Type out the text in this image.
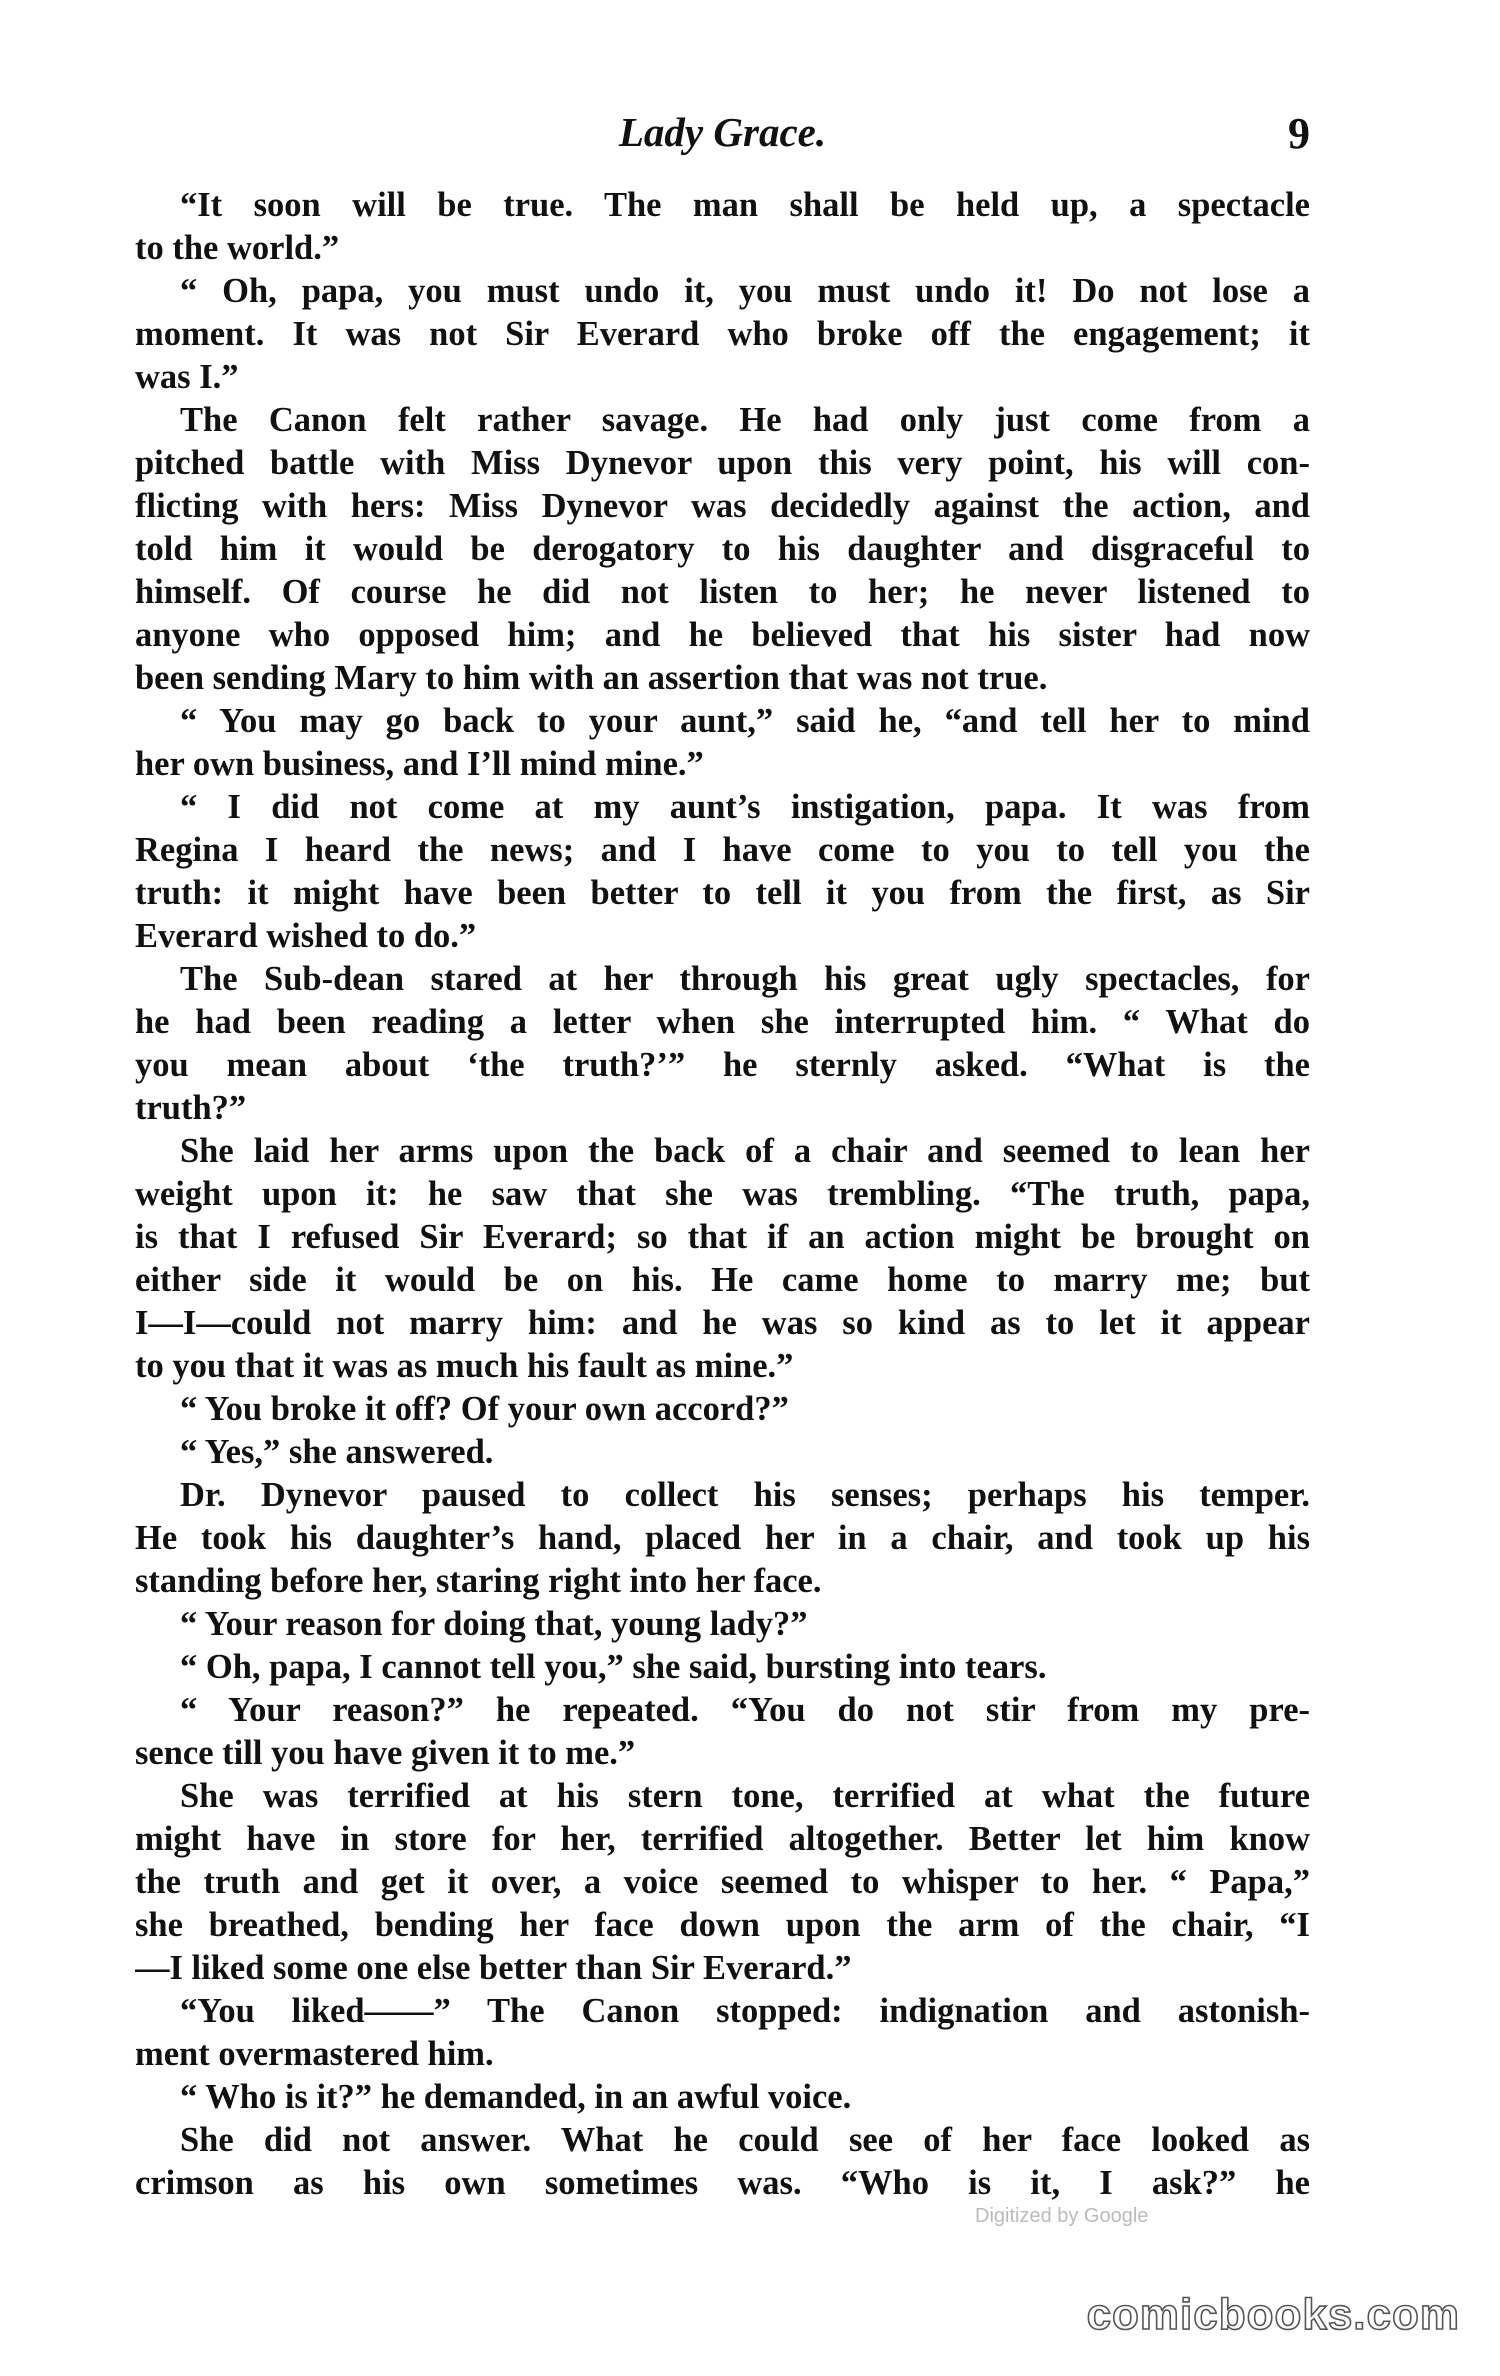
Lady Grace.	9
“It soon will be true. The man shall be held up, a spectacle
to the world.”
“ Oh, papa, you must undo it, you must undo it! Do not lose a
moment. It was not Sir Everard who broke off the engagement; it
was I.”
The Canon felt rather savage. He had only just come from a
pitched battle with Miss Dynevor upon this very point, his will con-
flicting with hers: Miss Dynevor was decidedly against the action, and
told him it would be derogatory to his daughter and disgraceful to
himself. Of course he did not listen to her; he never listened to
anyone who opposed him; and he believed that his sister had now
been sending Mary to him with an assertion that was not true.
“ You may go back to your aunt,” said he, “and tell her to mind
her own business, and I’ll mind mine.”
“ I did not come at my aunt’s instigation, papa. It was from
Regina I heard the news; and I have come to you to tell you the
truth: it might have been better to tell it you from the first, as Sir
Everard wished to do.”
The Sub-dean stared at her through his great ugly spectacles, for
he had been reading a letter when she interrupted him. “ What do
you mean about ‘the truth?’” he sternly asked. “What is the
truth?”
She laid her arms upon the back of a chair and seemed to lean her
weight upon it: he saw that she was trembling. “The truth, papa,
is that I refused Sir Everard; so that if an action might be brought on
either side it would be on his. He came home to marry me; but
I—I—could not marry him: and he was so kind as to let it appear
to you that it was as much his fault as mine.”
“ You broke it off? Of your own accord?”
“ Yes,” she answered.
Dr. Dynevor paused to collect his senses; perhaps his temper.
He took his daughter’s hand, placed her in a chair, and took up his
standing before her, staring right into her face.
“ Your reason for doing that, young lady?”
“ Oh, papa, I cannot tell you,” she said, bursting into tears.
“ Your reason?” he repeated. “You do not stir from my pre-
sence till you have given it to me.”
She was terrified at his stern tone, terrified at what the future
might have in store for her, terrified altogether. Better let him know
the truth and get it over, a voice seemed to whisper to her. “ Papa,”
she breathed, bending her face down upon the arm of the chair, “I
—I liked some one else better than Sir Everard.”
“You liked——” The Canon stopped: indignation and astonish-
ment overmastered him.
“ Who is it?” he demanded, in an awful voice.
She did not answer. What he could see of her face looked as
crimson as his own sometimes was. “Who is it, I ask?” he
Digitized by Google
comicbooks.com
